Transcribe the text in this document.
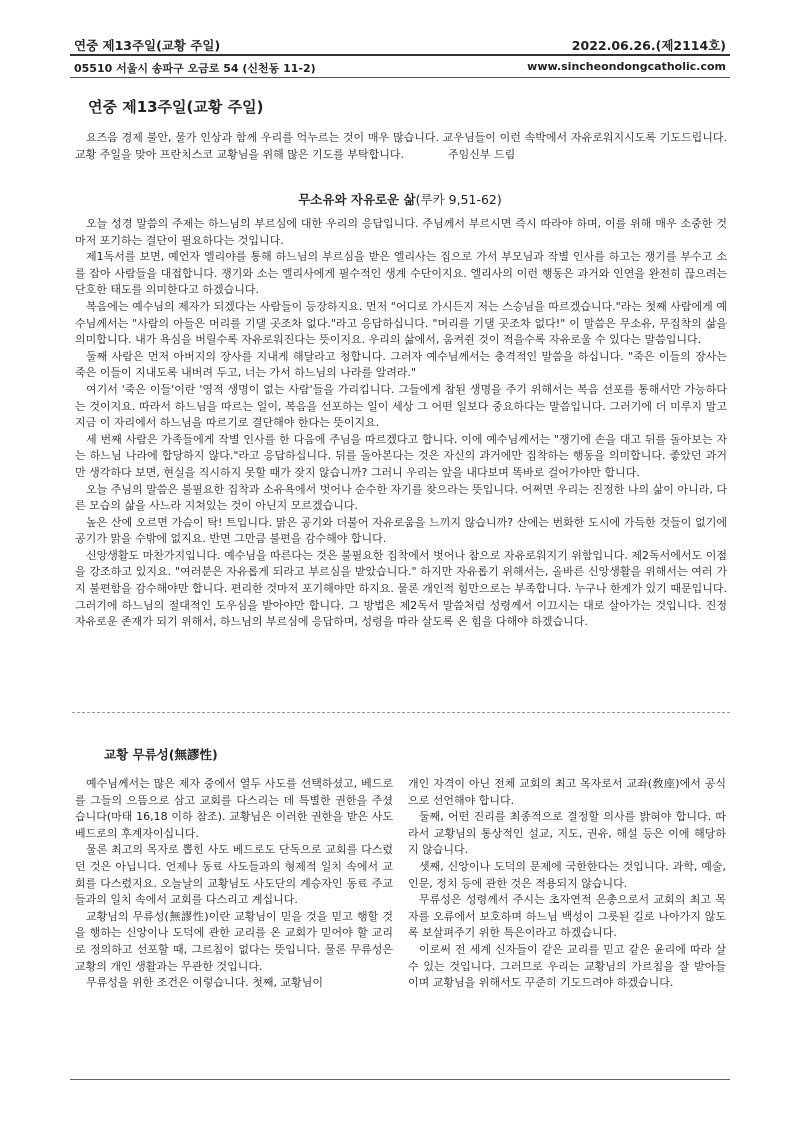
연중 제13주일(교황 주일)	2022.06.26.(제2114호)
05510 서울시 송파구 오금로 54 (신천동 11-2)	www.sincheondongcatholic.com
연중 제13주일(교황 주일)

요즈음 경제 불안, 물가 인상과 함께 우리를 억누르는 것이 매우 많습니다. 교우님들이 이런 속박에서 자유로워지시도록 기도드립니다. 교황 주일을 맞아 프란치스코 교황님을 위해 많은 기도를 부탁합니다.　　　　주임신부 드림

무소유와 자유로운 삶(루카 9,51-62)

오늘 성경 말씀의 주제는 하느님의 부르심에 대한 우리의 응답입니다. 주님께서 부르시면 즉시 따라야 하며, 이를 위해 매우 소중한 것마저 포기하는 결단이 필요하다는 것입니다.

제1독서를 보면, 예언자 엘리야를 통해 하느님의 부르심을 받은 엘리사는 집으로 가서 부모님과 작별 인사를 하고는 쟁기를 부수고 소를 잡아 사람들을 대접합니다. 쟁기와 소는 엘리사에게 필수적인 생계 수단이지요. 엘리사의 이런 행동은 과거와 인연을 완전히 끊으려는 단호한 태도를 의미한다고 하겠습니다.

복음에는 예수님의 제자가 되겠다는 사람들이 등장하지요. 먼저 "어디로 가시든지 저는 스승님을 따르겠습니다."라는 첫째 사람에게 예수님께서는 "사람의 아들은 머리를 기댈 곳조차 없다."라고 응답하십니다. "머리를 기댈 곳조차 없다!" 이 말씀은 무소유, 무집착의 삶을 의미합니다. 내가 욕심을 버릴수록 자유로워진다는 뜻이지요. 우리의 삶에서, 움켜쥔 것이 적을수록 자유로울 수 있다는 말씀입니다.

둘째 사람은 먼저 아버지의 장사를 지내게 해달라고 청합니다. 그러자 예수님께서는 충격적인 말씀을 하십니다. "죽은 이들의 장사는 죽은 이들이 지내도록 내버려 두고, 너는 가서 하느님의 나라를 알려라."

여기서 '죽은 이들'이란 '영적 생명이 없는 사람'들을 가리킵니다. 그들에게 참된 생명을 주기 위해서는 복음 선포를 통해서만 가능하다는 것이지요. 따라서 하느님을 따르는 일이, 복음을 선포하는 일이 세상 그 어떤 일보다 중요하다는 말씀입니다. 그러기에 더 미루지 말고 지금 이 자리에서 하느님을 따르기로 결단해야 한다는 뜻이지요.

세 번째 사람은 가족들에게 작별 인사를 한 다음에 주님을 따르겠다고 합니다. 이에 예수님께서는 "쟁기에 손을 대고 뒤를 돌아보는 자는 하느님 나라에 합당하지 않다."라고 응답하십니다. 뒤를 돌아본다는 것은 자신의 과거에만 집착하는 행동을 의미합니다. 좋았던 과거만 생각하다 보면, 현실을 직시하지 못할 때가 잦지 않습니까? 그러니 우리는 앞을 내다보며 똑바로 걸어가야만 합니다.

오늘 주님의 말씀은 불필요한 집착과 소유욕에서 벗어나 순수한 자기를 찾으라는 뜻입니다. 어쩌면 우리는 진정한 나의 삶이 아니라, 다른 모습의 삶을 사느라 지쳐있는 것이 아닌지 모르겠습니다.

높은 산에 오르면 가슴이 탁! 트입니다. 맑은 공기와 더불어 자유로움을 느끼지 않습니까? 산에는 번화한 도시에 가득한 것들이 없기에 공기가 맑을 수밖에 없지요. 반면 그만큼 불편을 감수해야 합니다.

신앙생활도 마찬가지입니다. 예수님을 따른다는 것은 불필요한 집착에서 벗어나 참으로 자유로워지기 위함입니다. 제2독서에서도 이점을 강조하고 있지요. "여러분은 자유롭게 되라고 부르심을 받았습니다." 하지만 자유롭기 위해서는, 올바른 신앙생활을 위해서는 여러 가지 불편함을 감수해야만 합니다. 편리한 것마저 포기해야만 하지요. 물론 개인적 힘만으로는 부족합니다. 누구나 한계가 있기 때문입니다. 그러기에 하느님의 절대적인 도우심을 받아야만 합니다. 그 방법은 제2독서 말씀처럼 성령께서 이끄시는 대로 살아가는 것입니다. 진정 자유로운 존재가 되기 위해서, 하느님의 부르심에 응답하며, 성령을 따라 살도록 온 힘을 다해야 하겠습니다.

교황 무류성(無謬性)

예수님께서는 많은 제자 중에서 열두 사도를 선택하셨고, 베드로를 그들의 으뜸으로 삼고 교회를 다스리는 데 특별한 권한을 주셨습니다(마태 16,18 이하 참조). 교황님은 이러한 권한을 받은 사도 베드로의 후계자이십니다.

물론 최고의 목자로 뽑힌 사도 베드로도 단독으로 교회를 다스렸던 것은 아닙니다. 언제나 동료 사도들과의 형제적 일치 속에서 교회를 다스렸지요. 오늘날의 교황님도 사도단의 계승자인 동료 주교들과의 일치 속에서 교회를 다스리고 계십니다.

교황님의 무류성(無謬性)이란 교황님이 믿을 것을 믿고 행할 것을 행하는 신앙이나 도덕에 관한 교리를 온 교회가 믿어야 할 교리로 정의하고 선포할 때, 그르침이 없다는 뜻입니다. 물론 무류성은 교황의 개인 생활과는 무관한 것입니다.

무류성을 위한 조건은 이렇습니다. 첫째, 교황님이

개인 자격이 아닌 전체 교회의 최고 목자로서 교좌(敎座)에서 공식으로 선언해야 합니다.

둘째, 어떤 진리를 최종적으로 결정할 의사를 밝혀야 합니다. 따라서 교황님의 통상적인 설교, 지도, 권유, 해설 등은 이에 해당하지 않습니다.

셋째, 신앙이나 도덕의 문제에 국한한다는 것입니다. 과학, 예술, 인문, 정치 등에 관한 것은 적용되지 않습니다.

무류성은 성령께서 주시는 초자연적 은총으로서 교회의 최고 목자를 오류에서 보호하며 하느님 백성이 그릇된 길로 나아가지 않도록 보살펴주기 위한 특은이라고 하겠습니다.

이로써 전 세계 신자들이 같은 교리를 믿고 같은 윤리에 따라 살 수 있는 것입니다. 그러므로 우리는 교황님의 가르침을 잘 받아들이며 교황님을 위해서도 꾸준히 기도드려야 하겠습니다.
